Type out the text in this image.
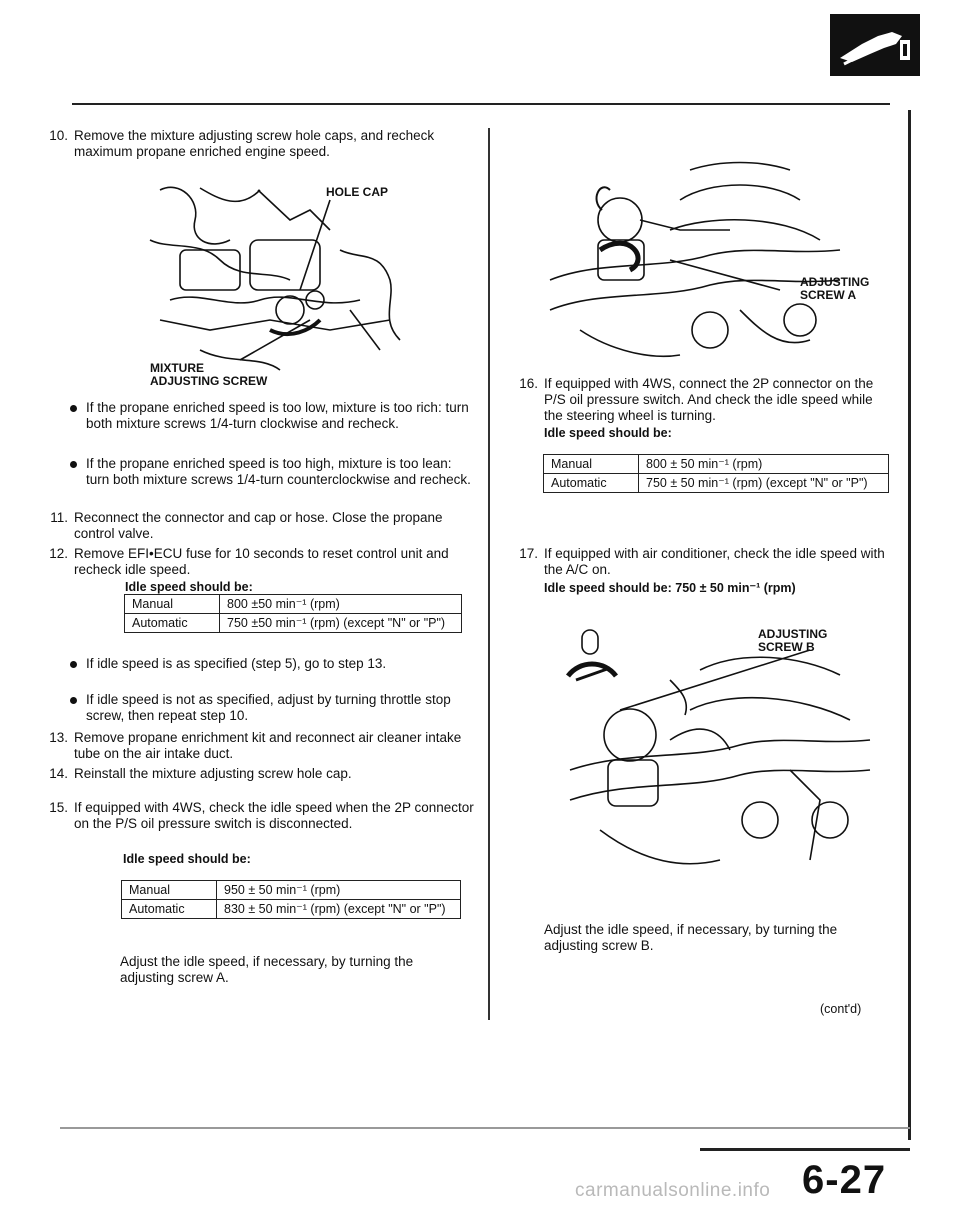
10. Remove the mixture adjusting screw hole caps, and recheck maximum propane enriched engine speed.
HOLE CAP
MIXTURE
ADJUSTING SCREW
If the propane enriched speed is too low, mixture is too rich: turn both mixture screws 1/4-turn clockwise and recheck.
If the propane enriched speed is too high, mixture is too lean: turn both mixture screws 1/4-turn counterclockwise and recheck.
11. Reconnect the connector and cap or hose. Close the propane control valve.
12. Remove EFI•ECU fuse for 10 seconds to reset control unit and recheck idle speed.
Idle speed should be:
Manual	800 ±50 min⁻¹ (rpm)
Automatic	750 ±50 min⁻¹ (rpm) (except "N" or "P")
If idle speed is as specified (step 5), go to step 13.
If idle speed is not as specified, adjust by turning throttle stop screw, then repeat step 10.
13. Remove propane enrichment kit and reconnect air cleaner intake tube on the air intake duct.
14. Reinstall the mixture adjusting screw hole cap.
15. If equipped with 4WS, check the idle speed when the 2P connector on the P/S oil pressure switch is disconnected.
Idle speed should be:
Manual	950 ± 50 min⁻¹ (rpm)
Automatic	830 ± 50 min⁻¹ (rpm) (except "N" or "P")
Adjust the idle speed, if necessary, by turning the adjusting screw A.
ADJUSTING
SCREW A
16. If equipped with 4WS, connect the 2P connector on the P/S oil pressure switch. And check the idle speed while the steering wheel is turning.
Idle speed should be:
Manual	800 ± 50 min⁻¹ (rpm)
Automatic	750 ± 50 min⁻¹ (rpm) (except "N" or "P")
17. If equipped with air conditioner, check the idle speed with the A/C on.
Idle speed should be: 750 ± 50 min⁻¹ (rpm)
ADJUSTING
SCREW B
Adjust the idle speed, if necessary, by turning the adjusting screw B.
(cont'd)
6-27
carmanualsonline.info
